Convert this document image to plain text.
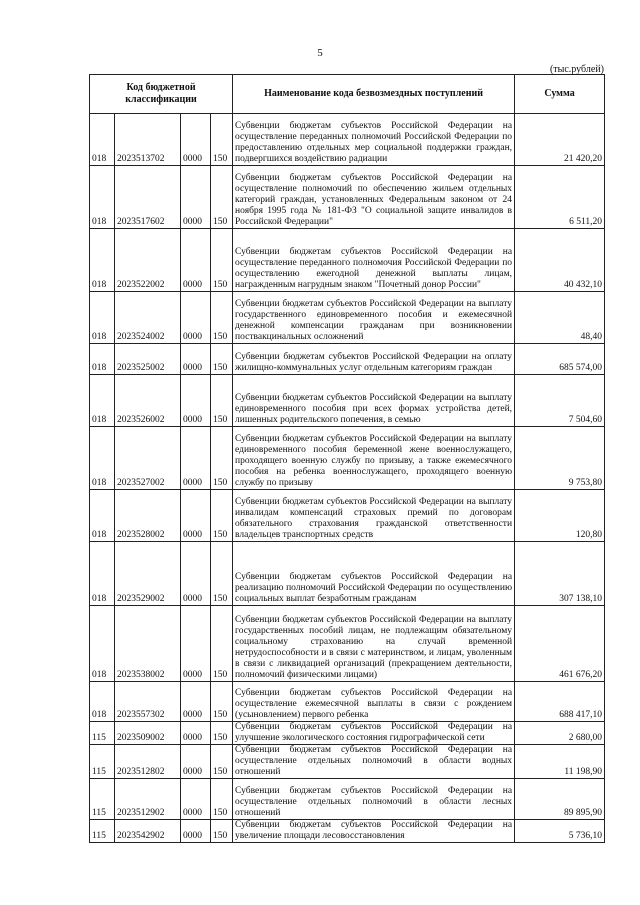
5
(тыс.рублей)
Код бюджетной классификации				Наименование кода безвозмездных поступлений	Сумма
018	2023513702	0000	150	Субвенции бюджетам субъектов Российской Федерации на осуществление переданных полномочий Российской Федерации по предоставлению отдельных мер социальной поддержки граждан, подвергшихся воздействию радиации	21 420,20
018	2023517602	0000	150	Субвенции бюджетам субъектов Российской Федерации на осуществление полномочий по обеспечению жильем отдельных категорий граждан, установленных Федеральным законом от 24 ноября 1995 года № 181-ФЗ "О социальной защите инвалидов в Российской Федерации"	6 511,20
018	2023522002	0000	150	Субвенции бюджетам субъектов Российской Федерации на осуществление переданного полномочия Российской Федерации по осуществлению ежегодной денежной выплаты лицам, награжденным нагрудным знаком "Почетный донор России"	40 432,10
018	2023524002	0000	150	Субвенции бюджетам субъектов Российской Федерации на выплату государственного единовременного пособия и ежемесячной денежной компенсации гражданам при возникновении поствакцинальных осложнений	48,40
018	2023525002	0000	150	Субвенции бюджетам субъектов Российской Федерации на оплату жилищно-коммунальных услуг отдельным категориям граждан	685 574,00
018	2023526002	0000	150	Субвенции бюджетам субъектов Российской Федерации на выплату единовременного пособия при всех формах устройства детей, лишенных родительского попечения, в семью	7 504,60
018	2023527002	0000	150	Субвенции бюджетам субъектов Российской Федерации на выплату единовременного пособия беременной жене военнослужащего, проходящего военную службу по призыву, а также ежемесячного пособия на ребенка военнослужащего, проходящего военную службу по призыву	9 753,80
018	2023528002	0000	150	Субвенции бюджетам субъектов Российской Федерации на выплату инвалидам компенсаций страховых премий по договорам обязательного страхования гражданской ответственности владельцев транспортных средств	120,80
018	2023529002	0000	150	Субвенции бюджетам субъектов Российской Федерации на реализацию полномочий Российской Федерации по осуществлению социальных выплат безработным гражданам	307 138,10
018	2023538002	0000	150	Субвенции бюджетам субъектов Российской Федерации на выплату государственных пособий лицам, не подлежащим обязательному социальному страхованию на случай временной нетрудоспособности и в связи с материнством, и лицам, уволенным в связи с ликвидацией организаций (прекращением деятельности, полномочий физическими лицами)	461 676,20
018	2023557302	0000	150	Субвенции бюджетам субъектов Российской Федерации на осуществление ежемесячной выплаты в связи с рождением (усыновлением) первого ребенка	688 417,10
115	2023509002	0000	150	Субвенции бюджетам субъектов Российской Федерации на улучшение экологического состояния гидрографической сети	2 680,00
115	2023512802	0000	150	Субвенции бюджетам субъектов Российской Федерации на осуществление отдельных полномочий в области водных отношений	11 198,90
115	2023512902	0000	150	Субвенции бюджетам субъектов Российской Федерации на осуществление отдельных полномочий в области лесных отношений	89 895,90
115	2023542902	0000	150	Субвенции бюджетам субъектов Российской Федерации на увеличение площади лесовосстановления	5 736,10
